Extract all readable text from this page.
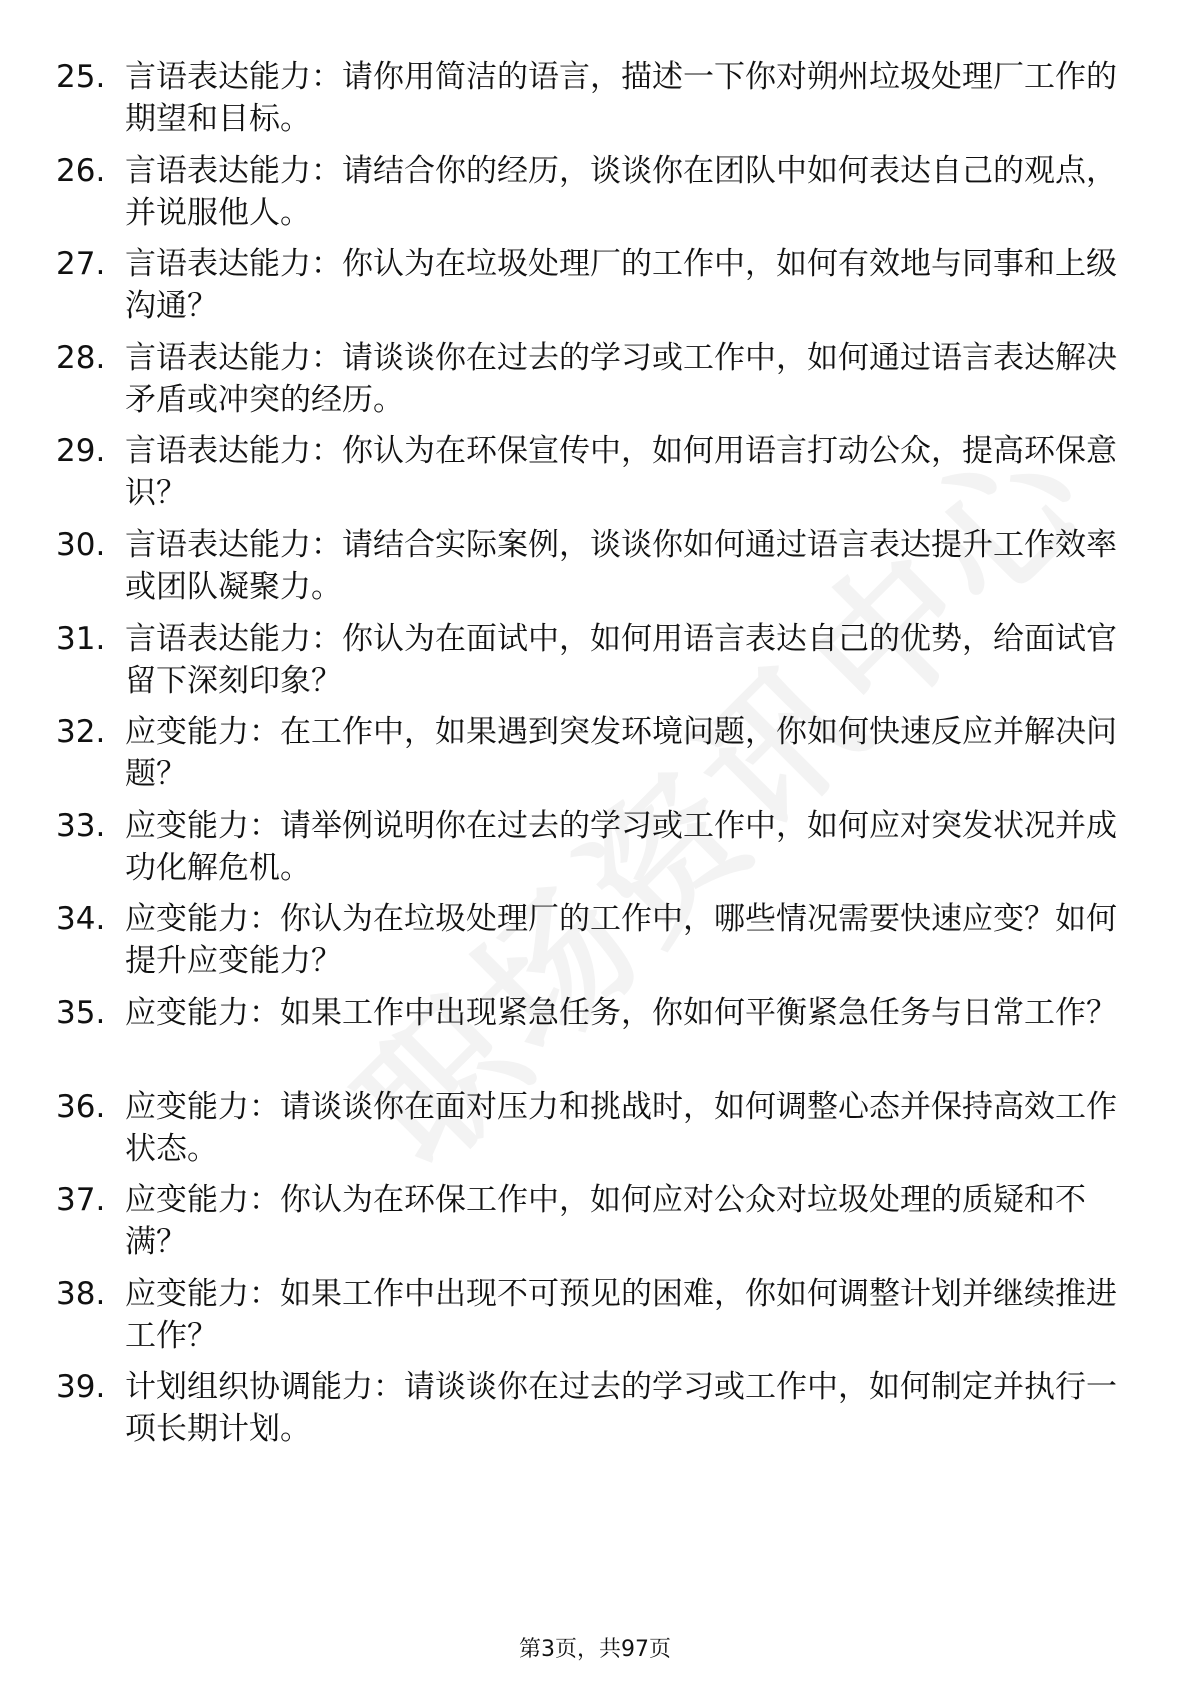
25. 言语表达能力：请你用简洁的语言，描述一下你对朔州垃圾处理厂工作的期望和目标。
26. 言语表达能力：请结合你的经历，谈谈你在团队中如何表达自己的观点，并说服他人。
27. 言语表达能力：你认为在垃圾处理厂的工作中，如何有效地与同事和上级沟通？
28. 言语表达能力：请谈谈你在过去的学习或工作中，如何通过语言表达解决矛盾或冲突的经历。
29. 言语表达能力：你认为在环保宣传中，如何用语言打动公众，提高环保意识？
30. 言语表达能力：请结合实际案例，谈谈你如何通过语言表达提升工作效率或团队凝聚力。
31. 言语表达能力：你认为在面试中，如何用语言表达自己的优势，给面试官留下深刻印象？
32. 应变能力：在工作中，如果遇到突发环境问题，你如何快速反应并解决问题？
33. 应变能力：请举例说明你在过去的学习或工作中，如何应对突发状况并成功化解危机。
34. 应变能力：你认为在垃圾处理厂的工作中，哪些情况需要快速应变？如何提升应变能力？
35. 应变能力：如果工作中出现紧急任务，你如何平衡紧急任务与日常工作？
36. 应变能力：请谈谈你在面对压力和挑战时，如何调整心态并保持高效工作状态。
37. 应变能力：你认为在环保工作中，如何应对公众对垃圾处理的质疑和不满？
38. 应变能力：如果工作中出现不可预见的困难，你如何调整计划并继续推进工作？
39. 计划组织协调能力：请谈谈你在过去的学习或工作中，如何制定并执行一项长期计划。
第3页，共97页
